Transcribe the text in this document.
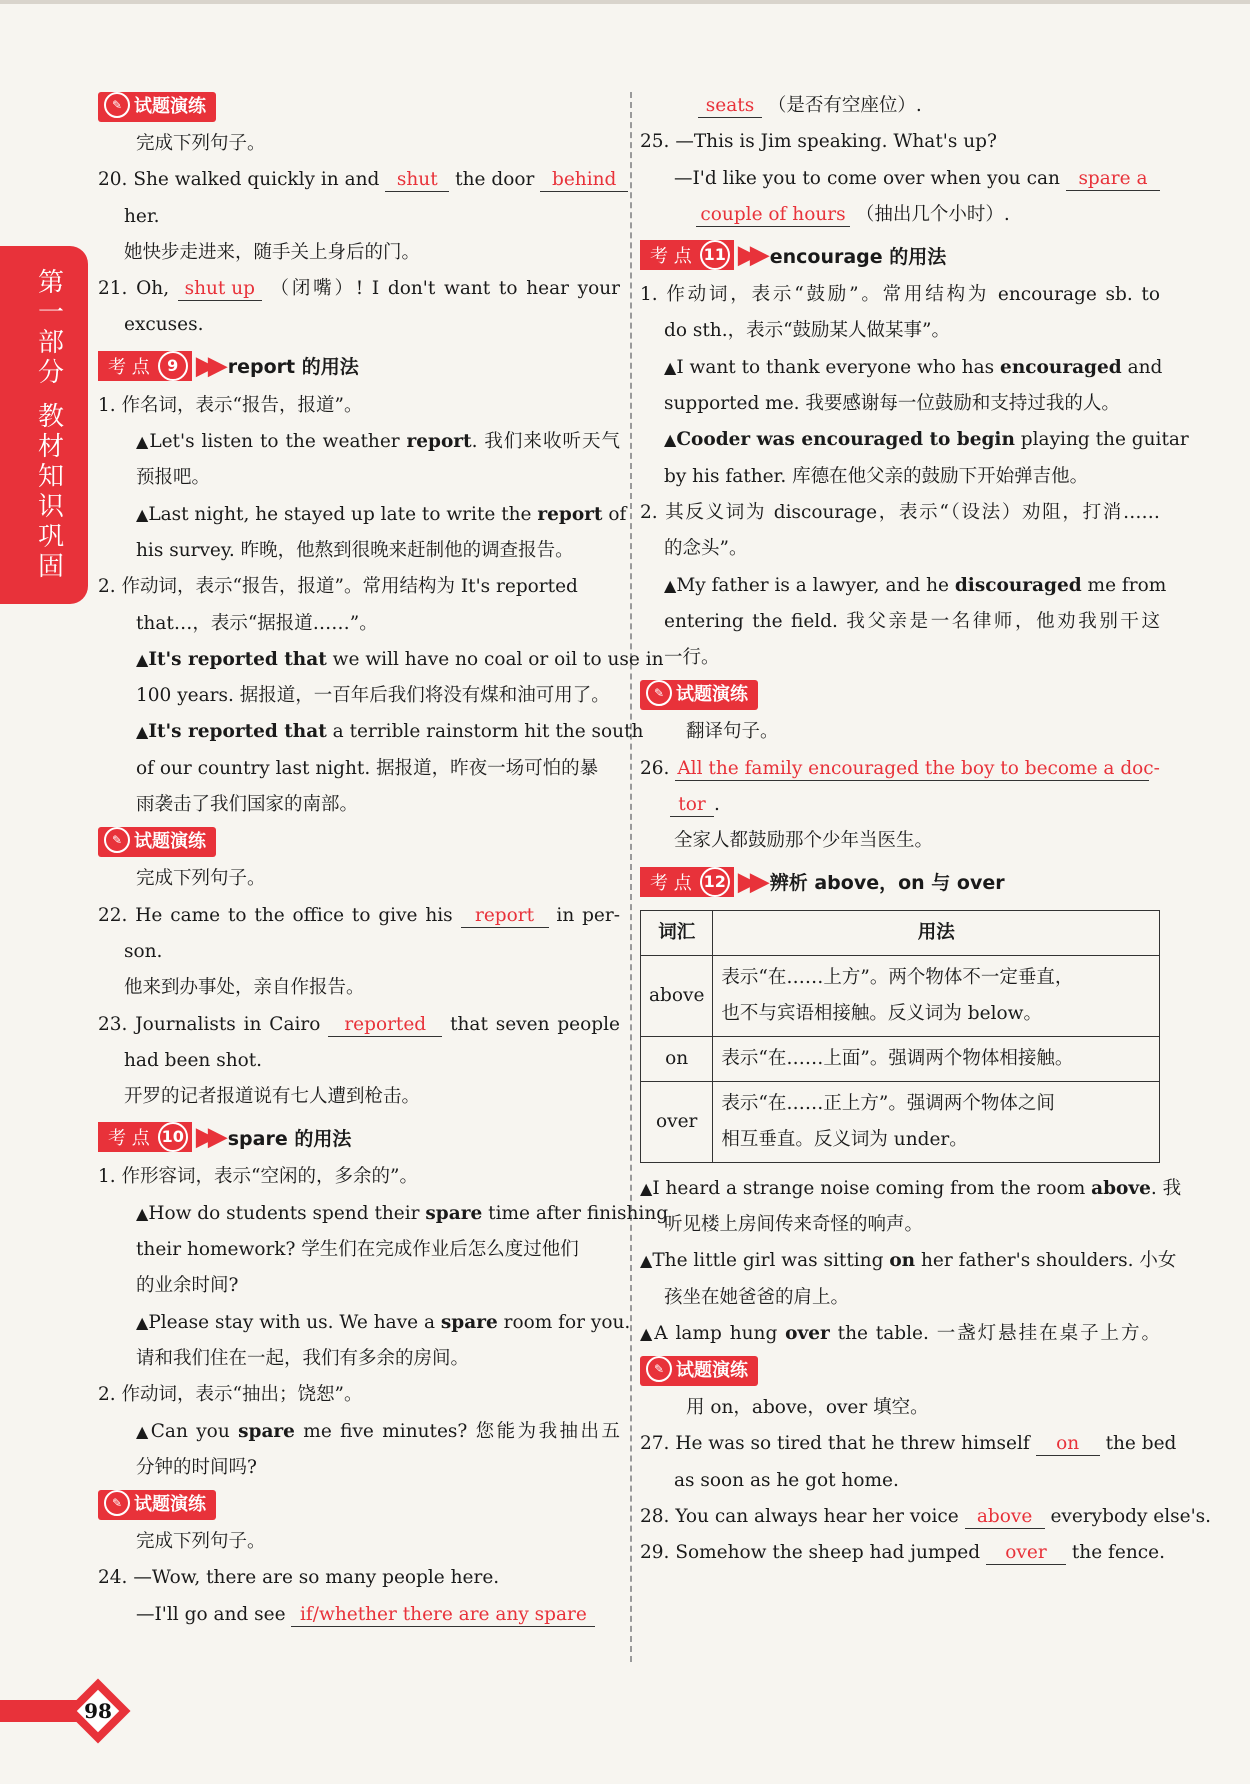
第一部分
教材知识巩固
✎ 试题演练
完成下列句子。
20. She walked quickly in and shut the door behind
her.
她快步走进来，随手关上身后的门。
21. Oh, shut up （闭嘴）! I don't want to hear your
excuses.
考 点	9 ▶▶ report 的用法
1. 作名词，表示“报告，报道”。
▲Let's listen to the weather report. 我们来收听天气
预报吧。
▲Last night, he stayed up late to write the report of
his survey. 昨晚，他熬到很晚来赶制他的调查报告。
2. 作动词，表示“报告，报道”。常用结构为 It's reported
that…，表示“据报道……”。
▲It's reported that we will have no coal or oil to use in
100 years. 据报道，一百年后我们将没有煤和油可用了。
▲It's reported that a terrible rainstorm hit the south
of our country last night. 据报道，昨夜一场可怕的暴
雨袭击了我们国家的南部。
✎ 试题演练
完成下列句子。
22. He came to the office to give his report in per-
son.
他来到办事处，亲自作报告。
23. Journalists in Cairo reported that seven people
had been shot.
开罗的记者报道说有七人遭到枪击。
考 点 10 ▶▶ spare 的用法
1. 作形容词，表示“空闲的，多余的”。
▲How do students spend their spare time after finishing
their homework? 学生们在完成作业后怎么度过他们
的业余时间?
▲Please stay with us. We have a spare room for you.
请和我们住在一起，我们有多余的房间。
2. 作动词，表示“抽出；饶恕”。
▲Can you spare me five minutes? 您能为我抽出五
分钟的时间吗?
✎ 试题演练
完成下列句子。
24. —Wow, there are so many people here.
—I'll go and see if/whether there are any spare
seats （是否有空座位）.
25. —This is Jim speaking. What's up?
—I'd like you to come over when you can spare a
couple of hours （抽出几个小时）.
考 点 11 ▶▶ encourage 的用法
1. 作动词，表示“鼓励”。常用结构为 encourage sb. to
do sth.，表示“鼓励某人做某事”。
▲I want to thank everyone who has encouraged and
supported me. 我要感谢每一位鼓励和支持过我的人。
▲Cooder was encouraged to begin playing the guitar
by his father. 库德在他父亲的鼓励下开始弹吉他。
2. 其反义词为 discourage，表示“（设法）劝阻，打消……
的念头”。
▲My father is a lawyer, and he discouraged me from
entering the field. 我父亲是一名律师，他劝我别干这
一行。
✎ 试题演练
翻译句子。
26. All the family encouraged the boy to become a doc-
tor .
全家人都鼓励那个少年当医生。
考 点 12 ▶▶ 辨析 above，on 与 over
词汇	用法
above	表示“在……上方”。两个物体不一定垂直，
也不与宾语相接触。反义词为 below。

on	表示“在……上面”。强调两个物体相接触。

over	表示“在……正上方”。强调两个物体之间
相互垂直。反义词为 under。
▲I heard a strange noise coming from the room above. 我
听见楼上房间传来奇怪的响声。
▲The little girl was sitting on her father's shoulders. 小女
孩坐在她爸爸的肩上。
▲A lamp hung over the table. 一盏灯悬挂在桌子上方。
✎ 试题演练
用 on，above，over 填空。
27. He was so tired that he threw himself on the bed
as soon as he got home.
28. You can always hear her voice above everybody else's.
29. Somehow the sheep had jumped over the fence.
98
